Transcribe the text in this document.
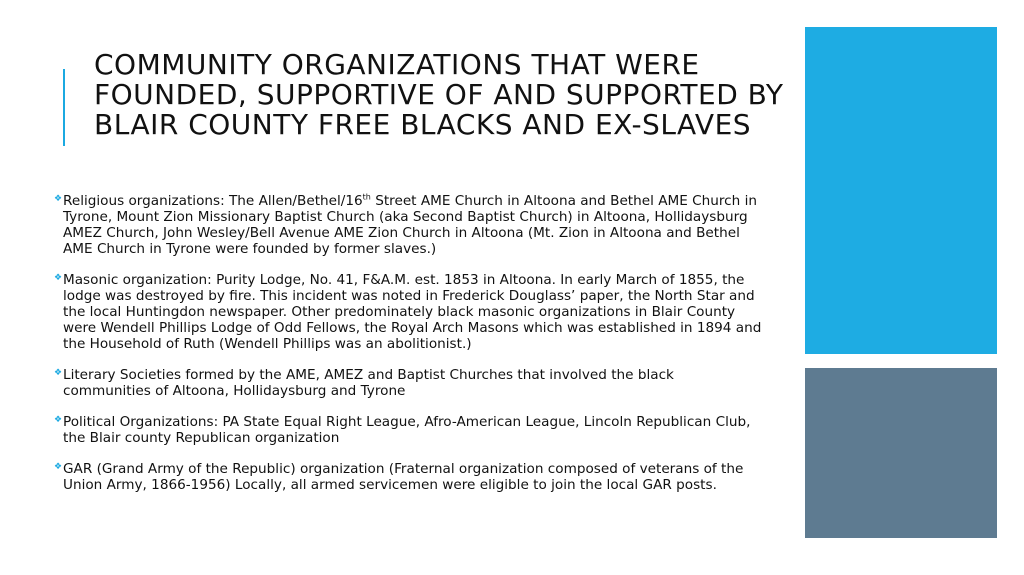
COMMUNITY ORGANIZATIONS THAT WERE FOUNDED, SUPPORTIVE OF AND SUPPORTED BY BLAIR COUNTY FREE BLACKS AND EX-SLAVES
❖ Religious organizations: The Allen/Bethel/16th Street AME Church in Altoona and Bethel AME Church in Tyrone, Mount Zion Missionary Baptist Church (aka Second Baptist Church) in Altoona, Hollidaysburg AMEZ Church, John Wesley/Bell Avenue AME Zion Church in Altoona (Mt. Zion in Altoona and Bethel AME Church in Tyrone were founded by former slaves.)
❖ Masonic organization: Purity Lodge, No. 41, F&A.M. est. 1853 in Altoona. In early March of 1855, the lodge was destroyed by fire. This incident was noted in Frederick Douglass’ paper, the North Star and the local Huntingdon newspaper. Other predominately black masonic organizations in Blair County were Wendell Phillips Lodge of Odd Fellows, the Royal Arch Masons which was established in 1894 and the Household of Ruth (Wendell Phillips was an abolitionist.)
❖ Literary Societies formed by the AME, AMEZ and Baptist Churches that involved the black communities of Altoona, Hollidaysburg and Tyrone
❖ Political Organizations: PA State Equal Right League, Afro-American League, Lincoln Republican Club, the Blair county Republican organization
❖ GAR (Grand Army of the Republic) organization (Fraternal organization composed of veterans of the Union Army, 1866-1956) Locally, all armed servicemen were eligible to join the local GAR posts.
